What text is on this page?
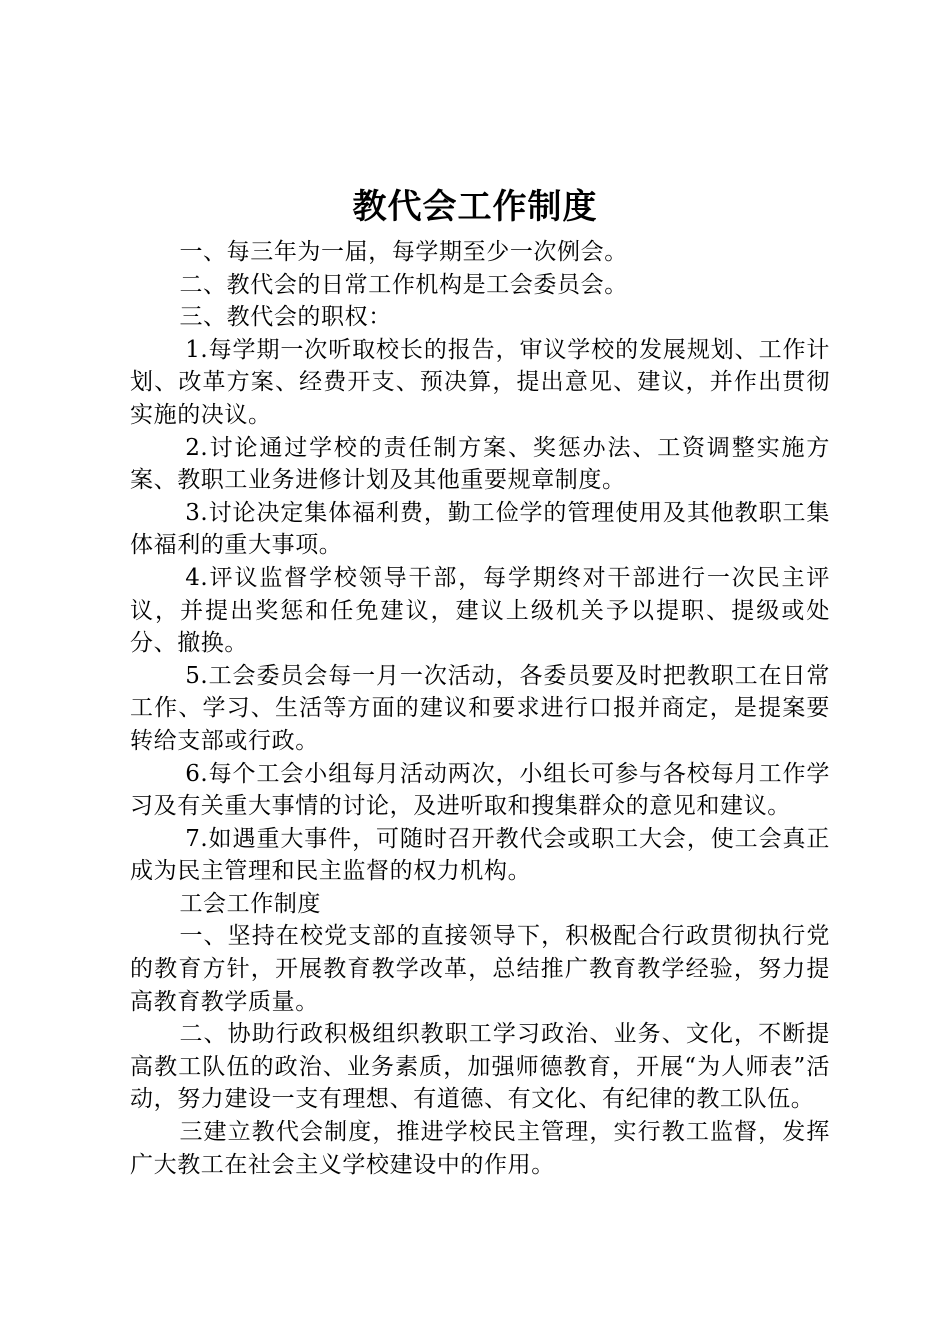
教代会工作制度

一、每三年为一届，每学期至少一次例会。

二、教代会的日常工作机构是工会委员会。

三、教代会的职权：

1.每学期一次听取校长的报告，审议学校的发展规划、工作计划、改革方案、经费开支、预决算，提出意见、建议，并作出贯彻实施的决议。

2.讨论通过学校的责任制方案、奖惩办法、工资调整实施方案、教职工业务进修计划及其他重要规章制度。

3.讨论决定集体福利费，勤工俭学的管理使用及其他教职工集体福利的重大事项。

4.评议监督学校领导干部，每学期终对干部进行一次民主评议，并提出奖惩和任免建议，建议上级机关予以提职、提级或处分、撤换。

5.工会委员会每一月一次活动，各委员要及时把教职工在日常工作、学习、生活等方面的建议和要求进行口报并商定，是提案要转给支部或行政。

6.每个工会小组每月活动两次，小组长可参与各校每月工作学习及有关重大事情的讨论，及进听取和搜集群众的意见和建议。

7.如遇重大事件，可随时召开教代会或职工大会，使工会真正成为民主管理和民主监督的权力机构。

工会工作制度

一、坚持在校党支部的直接领导下，积极配合行政贯彻执行党的教育方针，开展教育教学改革，总结推广教育教学经验，努力提高教育教学质量。

二、协助行政积极组织教职工学习政治、业务、文化，不断提高教工队伍的政治、业务素质，加强师德教育，开展“为人师表”活动，努力建设一支有理想、有道德、有文化、有纪律的教工队伍。

三建立教代会制度，推进学校民主管理，实行教工监督，发挥广大教工在社会主义学校建设中的作用。
